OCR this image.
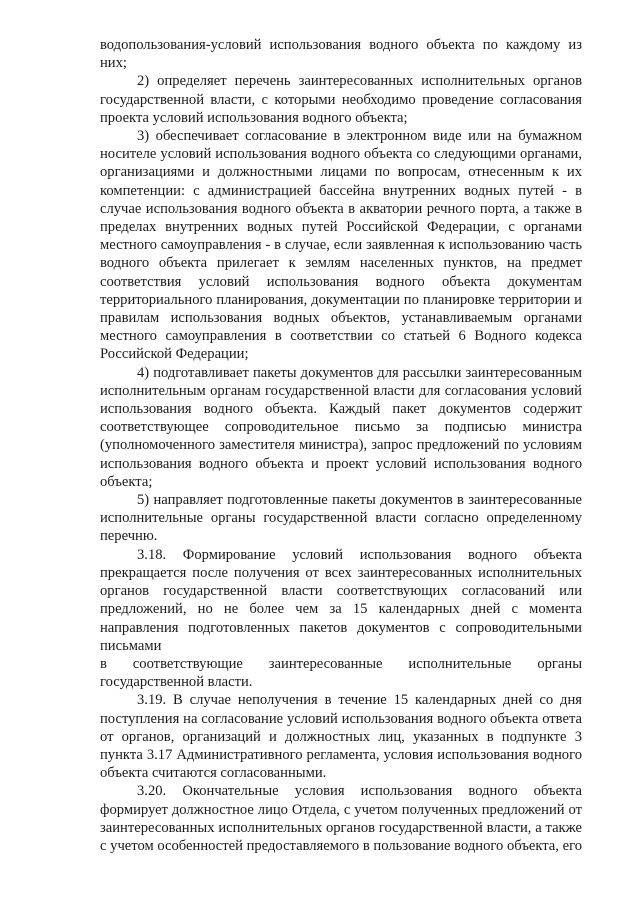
водопользования-условий использования водного объекта по каждому из
них;

2) определяет перечень заинтересованных исполнительных органов
государственной власти, с которыми необходимо проведение согласования
проекта условий использования водного объекта;

3) обеспечивает согласование в электронном виде или на бумажном
носителе условий использования водного объекта со следующими органами,
организациями и должностными лицами по вопросам, отнесенным к их
компетенции: с администрацией бассейна внутренних водных путей - в
случае использования водного объекта в акватории речного порта, а также в
пределах внутренних водных путей Российской Федерации, с органами
местного самоуправления - в случае, если заявленная к использованию часть
водного объекта прилегает к землям населенных пунктов, на предмет
соответствия условий использования водного объекта документам
территориального планирования, документации по планировке территории и
правилам использования водных объектов, устанавливаемым органами
местного самоуправления в соответствии со статьей 6 Водного кодекса
Российской Федерации;

4) подготавливает пакеты документов для рассылки заинтересованным
исполнительным органам государственной власти для согласования условий
использования водного объекта. Каждый пакет документов содержит
соответствующее сопроводительное письмо за подписью министра
(уполномоченного заместителя министра), запрос предложений по условиям
использования водного объекта и проект условий использования водного
объекта;

5) направляет подготовленные пакеты документов в заинтересованные
исполнительные органы государственной власти согласно определенному
перечню.

3.18. Формирование условий использования водного объекта
прекращается после получения от всех заинтересованных исполнительных
органов государственной власти соответствующих согласований или
предложений, но не более чем за 15 календарных дней с момента
направления подготовленных пакетов документов с сопроводительными
письмами

в соответствующие заинтересованные исполнительные органы
государственной власти.

3.19. В случае неполучения в течение 15 календарных дней со дня
поступления на согласование условий использования водного объекта ответа
от органов, организаций и должностных лиц, указанных в подпункте 3
пункта 3.17 Административного регламента, условия использования водного
объекта считаются согласованными.

3.20. Окончательные условия использования водного объекта
формирует должностное лицо Отдела, с учетом полученных предложений от
заинтересованных исполнительных органов государственной власти, а также
с учетом особенностей предоставляемого в пользование водного объекта, его
